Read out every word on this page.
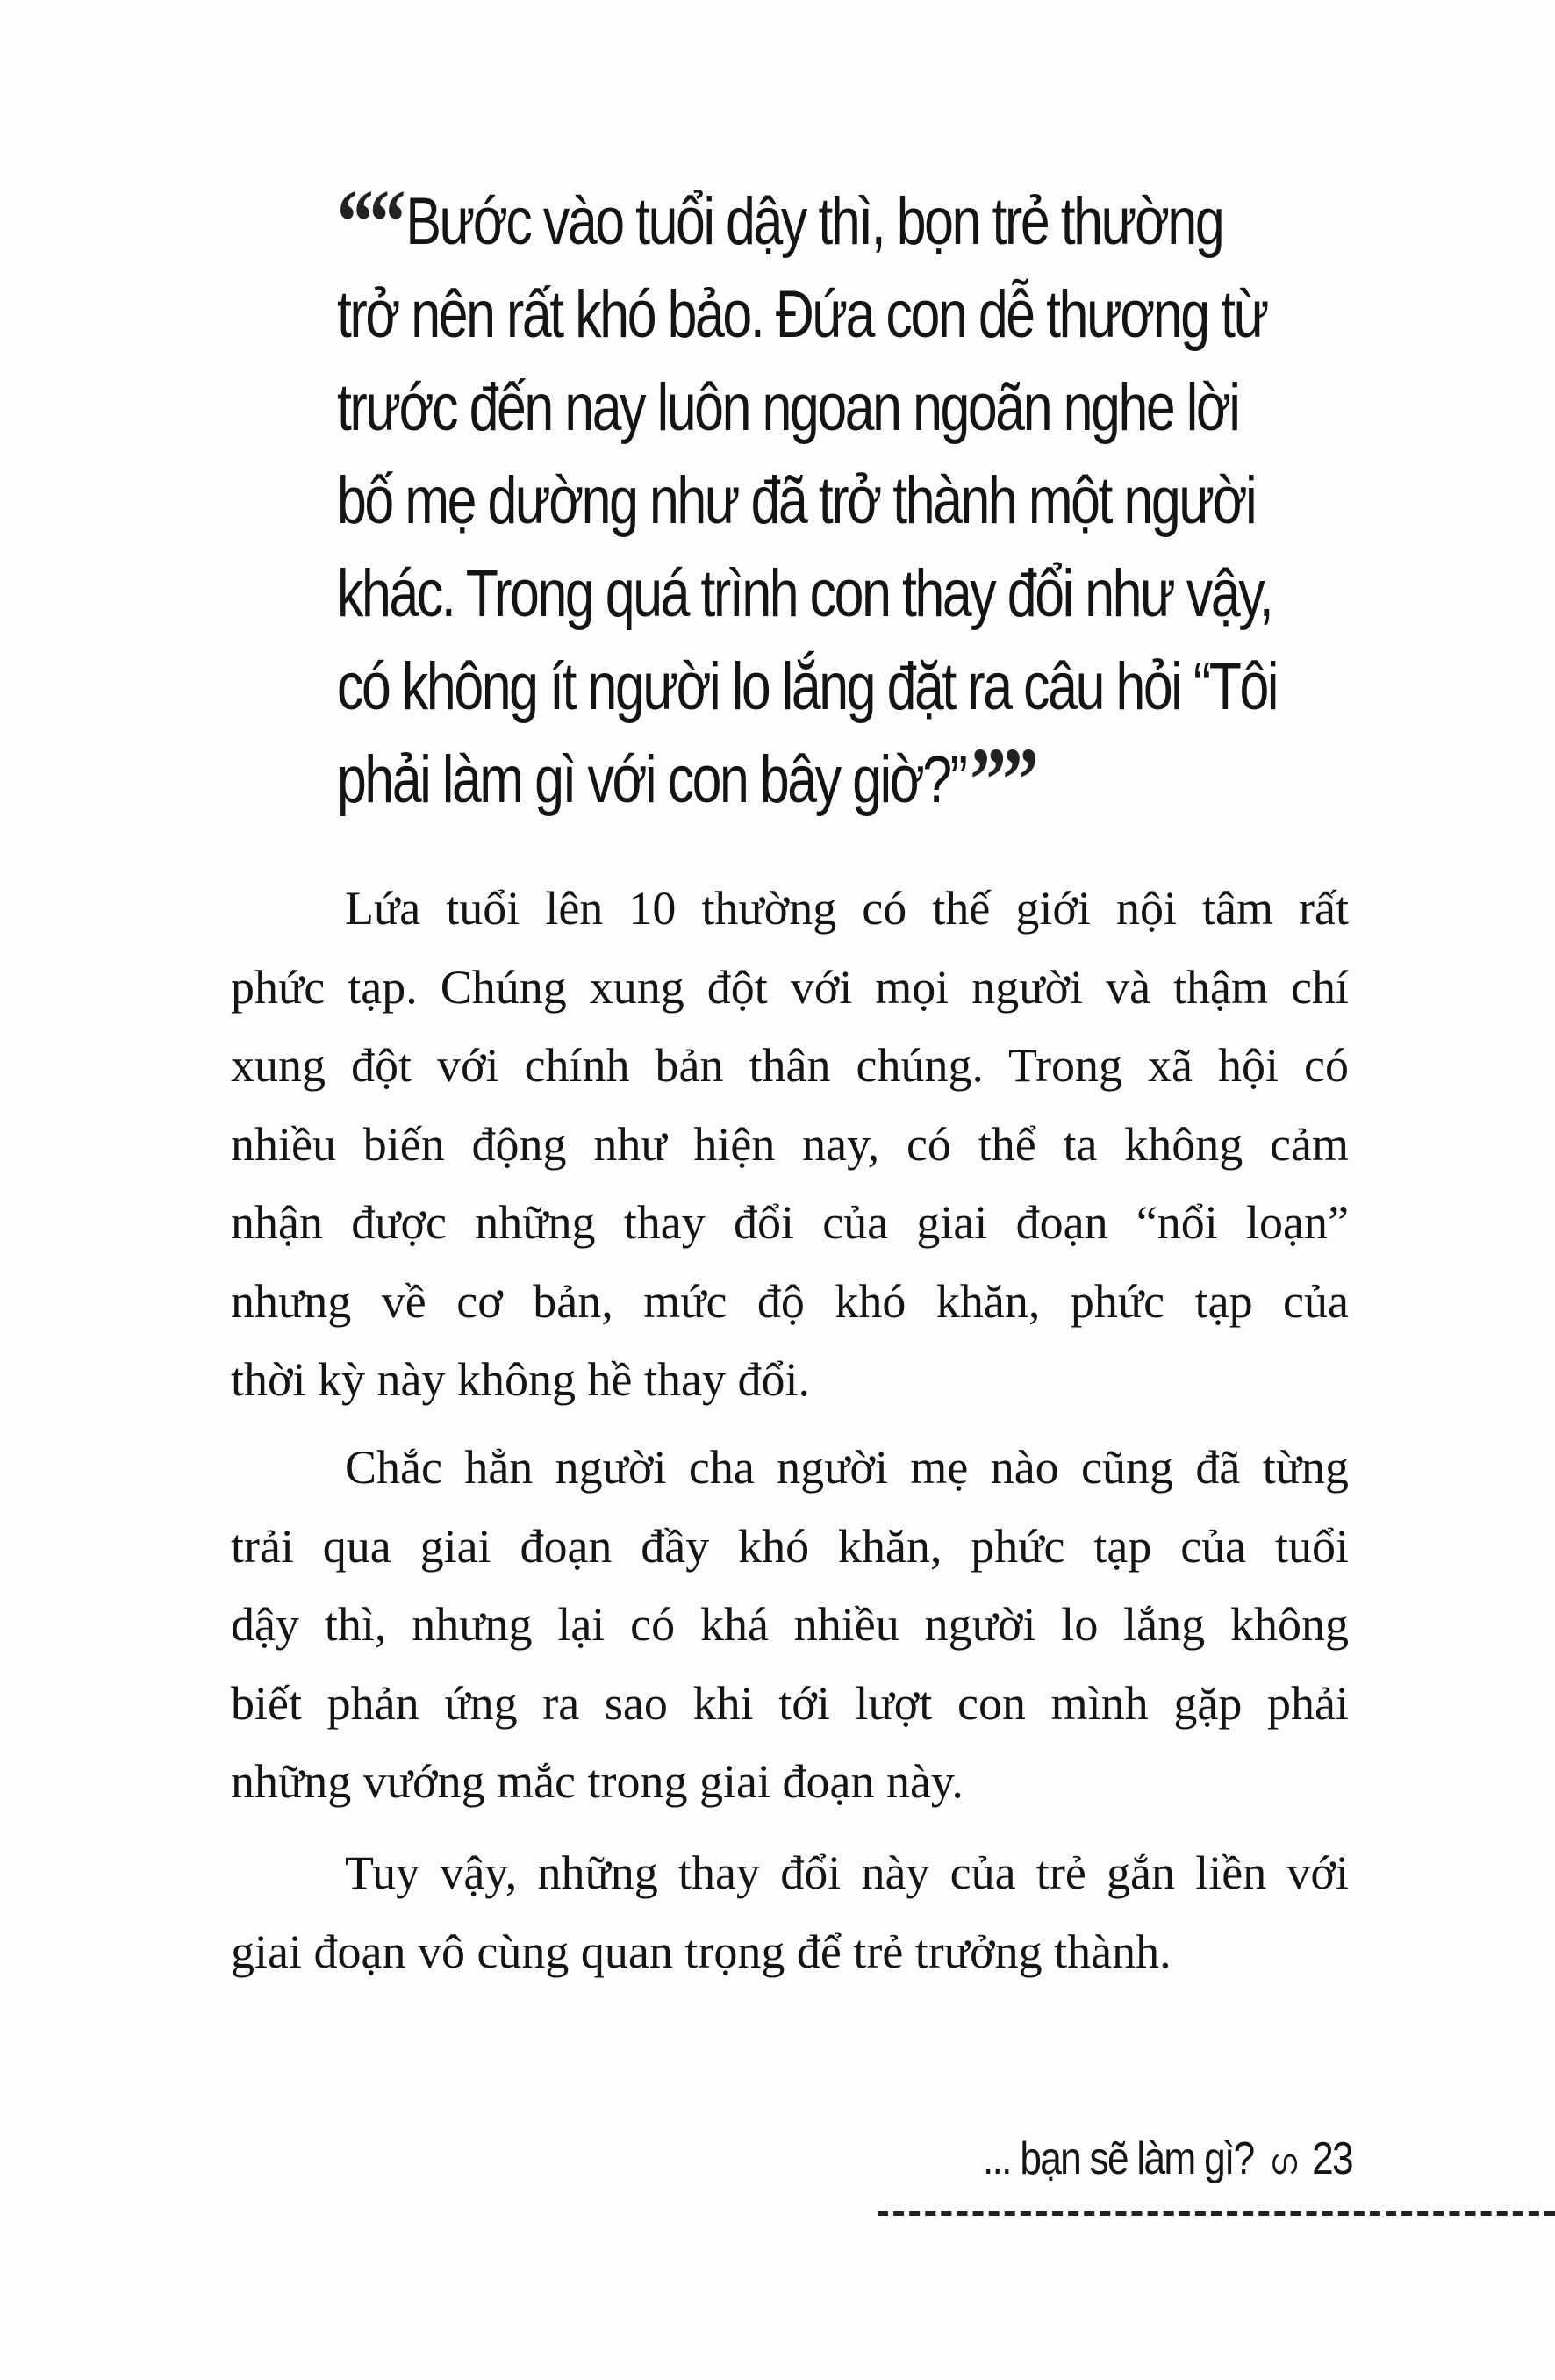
““Bước vào tuổi dậy thì, bọn trẻ thường
trở nên rất khó bảo. Đứa con dễ thương từ
trước đến nay luôn ngoan ngoãn nghe lời
bố mẹ dường như đã trở thành một người
khác. Trong quá trình con thay đổi như vậy,
có không ít người lo lắng đặt ra câu hỏi “Tôi
phải làm gì với con bây giờ?”””
Lứa tuổi lên 10 thường có thế giới nội tâm rất
phức tạp. Chúng xung đột với mọi người và thậm chí
xung đột với chính bản thân chúng. Trong xã hội có
nhiều biến động như hiện nay, có thể ta không cảm
nhận được những thay đổi của giai đoạn “nổi loạn”
nhưng về cơ bản, mức độ khó khăn, phức tạp của
thời kỳ này không hề thay đổi.
Chắc hẳn người cha người mẹ nào cũng đã từng
trải qua giai đoạn đầy khó khăn, phức tạp của tuổi
dậy thì, nhưng lại có khá nhiều người lo lắng không
biết phản ứng ra sao khi tới lượt con mình gặp phải
những vướng mắc trong giai đoạn này.
Tuy vậy, những thay đổi này của trẻ gắn liền với
giai đoạn vô cùng quan trọng để trẻ trưởng thành.
... bạn sẽ làm gì? ഗ 23
